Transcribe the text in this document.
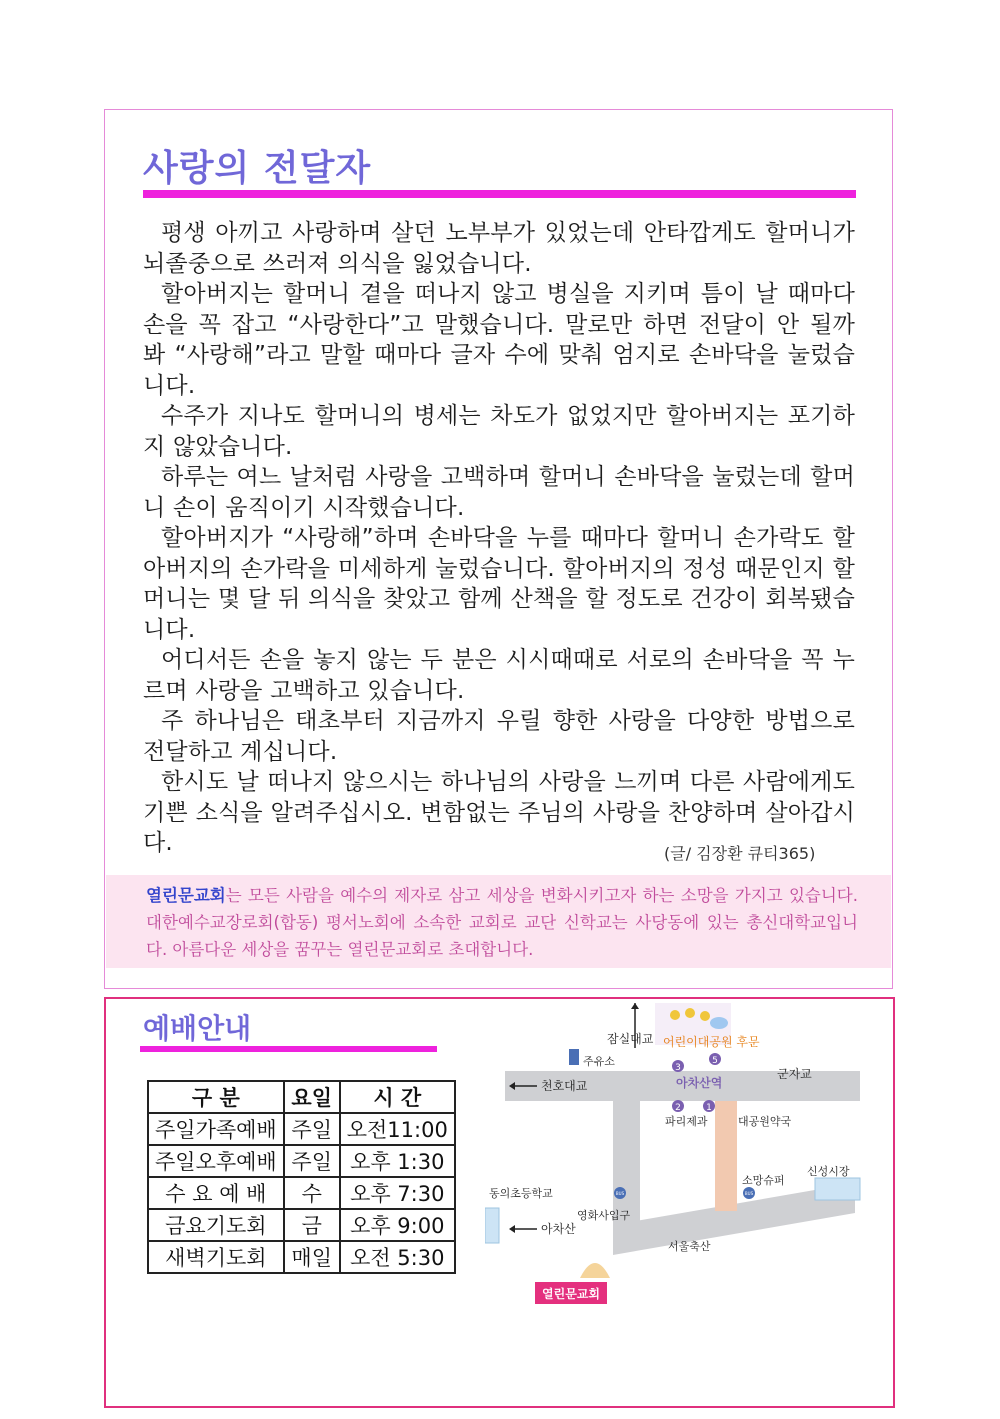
사랑의 전달자

평생 아끼고 사랑하며 살던 노부부가 있었는데 안타깝게도 할머니가 뇌졸중으로 쓰러져 의식을 잃었습니다.

할아버지는 할머니 곁을 떠나지 않고 병실을 지키며 틈이 날 때마다 손을 꼭 잡고 “사랑한다”고 말했습니다. 말로만 하면 전달이 안 될까 봐 “사랑해”라고 말할 때마다 글자 수에 맞춰 엄지로 손바닥을 눌렀습니다.

수주가 지나도 할머니의 병세는 차도가 없었지만 할아버지는 포기하지 않았습니다.

하루는 여느 날처럼 사랑을 고백하며 할머니 손바닥을 눌렀는데 할머니 손이 움직이기 시작했습니다.

할아버지가 “사랑해”하며 손바닥을 누를 때마다 할머니 손가락도 할아버지의 손가락을 미세하게 눌렀습니다. 할아버지의 정성 때문인지 할머니는 몇 달 뒤 의식을 찾았고 함께 산책을 할 정도로 건강이 회복됐습니다.

어디서든 손을 놓지 않는 두 분은 시시때때로 서로의 손바닥을 꼭 누르며 사랑을 고백하고 있습니다.

주 하나님은 태초부터 지금까지 우릴 향한 사랑을 다양한 방법으로 전달하고 계십니다.

한시도 날 떠나지 않으시는 하나님의 사랑을 느끼며 다른 사람에게도 기쁜 소식을 알려주십시오. 변함없는 주님의 사랑을 찬양하며 살아갑시다.	(글/ 김장환 큐티365)
열린문교회는 모든 사람을 예수의 제자로 삼고 세상을 변화시키고자 하는 소망을 가지고 있습니다. 대한예수교장로회(합동) 평서노회에 소속한 교회로 교단 신학교는 사당동에 있는 총신대학교입니다. 아름다운 세상을 꿈꾸는 열린문교회로 초대합니다.
예배안내
구 분	요일	시 간
주일가족예배	주일	오전11:00
주일오후예배	주일	오후 1:30
수 요 예 배	수	오후 7:30
금요기도회	금	오후 9:00
새벽기도회	매일	오전 5:30
3
5
2	1
BUS	BUS
잠실대교 어린이대공원 후문
주유소
천호대교	아차산역
군자교
파리제과	대공원약국
신성시장
소망슈퍼
동의초등학교
영화사입구
아차산
서울축산
열린문교회
